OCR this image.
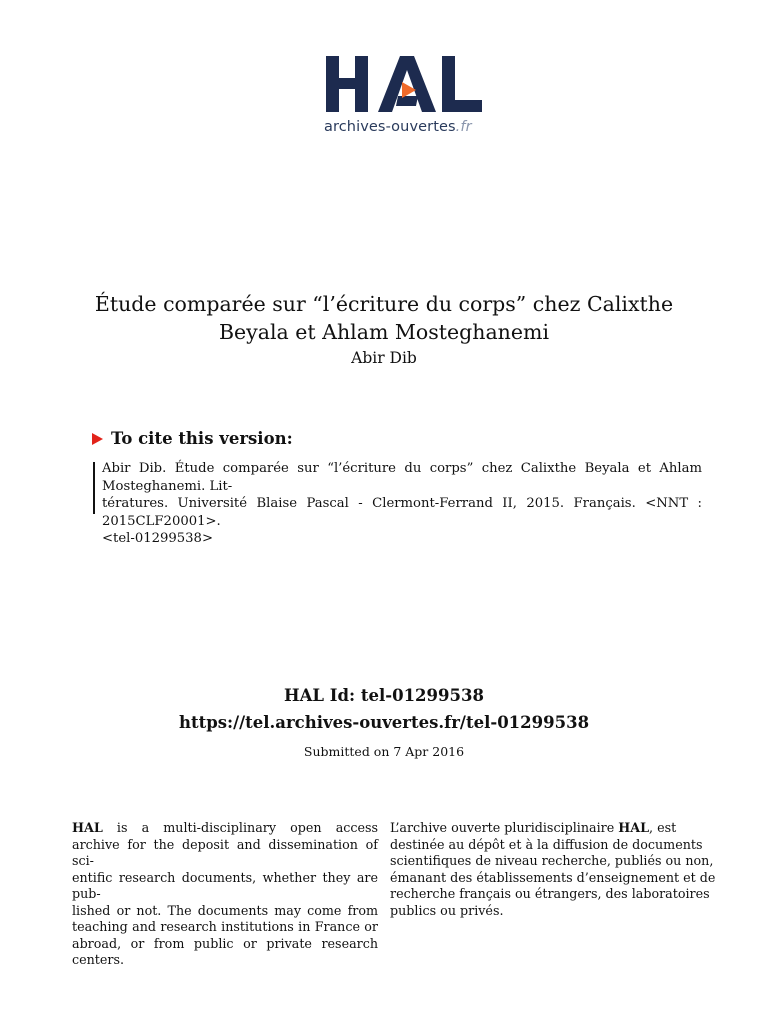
archives-ouvertes.fr
Étude comparée sur “l’écriture du corps” chez Calixthe
Beyala et Ahlam Mosteghanemi
Abir Dib
To cite this version:
Abir Dib. Étude comparée sur “l’écriture du corps” chez Calixthe Beyala et Ahlam Mosteghanemi. Lit-
tératures. Université Blaise Pascal - Clermont-Ferrand II, 2015. Français. <NNT : 2015CLF20001>.
<tel-01299538>
HAL Id: tel-01299538
https://tel.archives-ouvertes.fr/tel-01299538
Submitted on 7 Apr 2016
HAL is a multi-disciplinary open access
archive for the deposit and dissemination of sci-
entific research documents, whether they are pub-
lished or not. The documents may come from
teaching and research institutions in France or
abroad, or from public or private research centers.
L’archive ouverte pluridisciplinaire HAL, est
destinée au dépôt et à la diffusion de documents
scientifiques de niveau recherche, publiés ou non,
émanant des établissements d’enseignement et de
recherche français ou étrangers, des laboratoires
publics ou privés.
